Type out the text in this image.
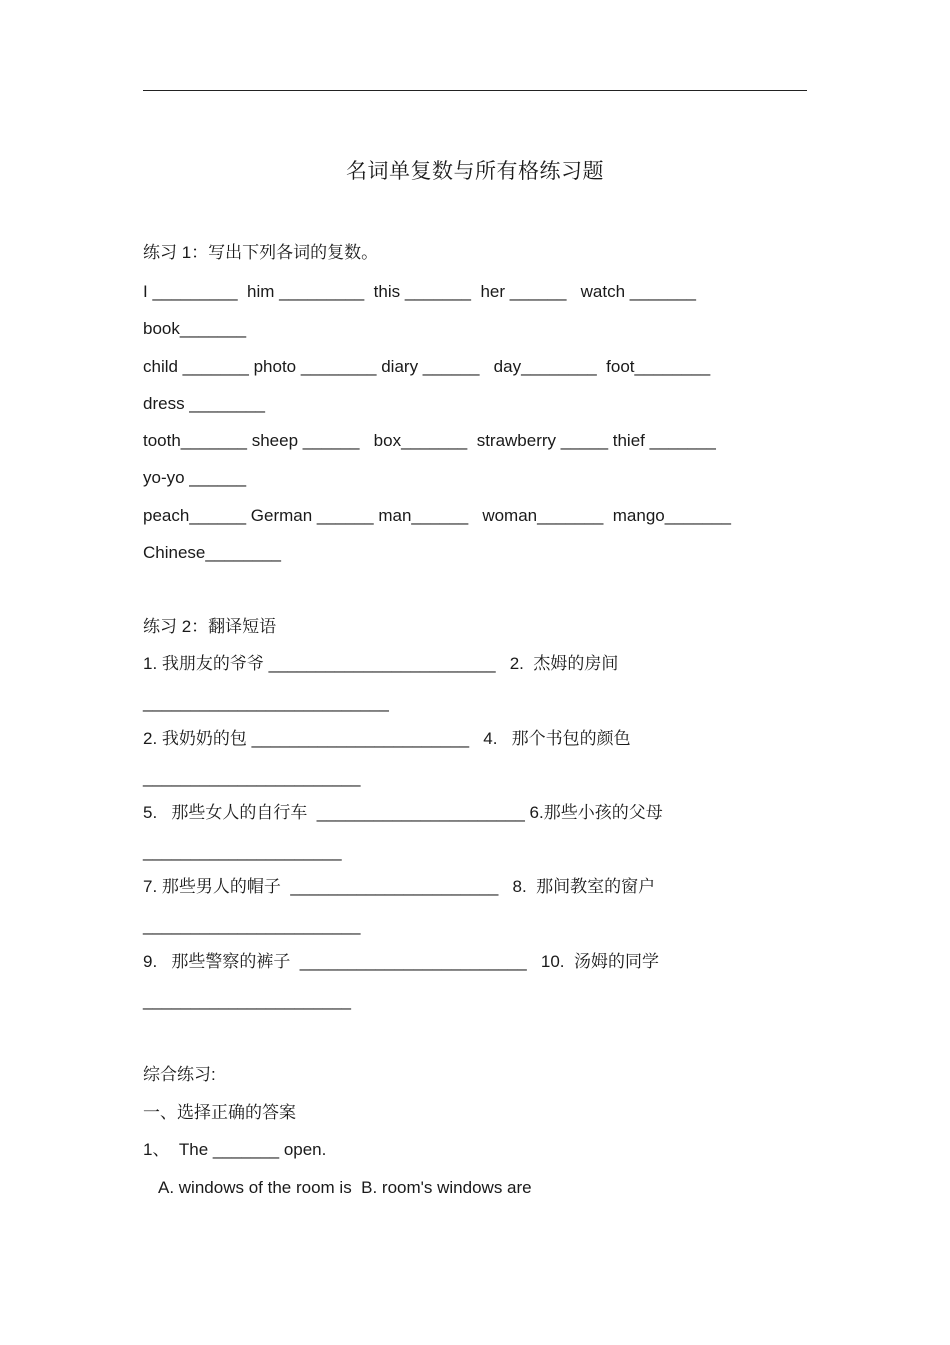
名词单复数与所有格练习题
练习 1：写出下列各词的复数。
I _________  him _________  this _______  her ______   watch _______
book_______
child _______ photo ________ diary ______   day________  foot________
dress ________
tooth_______ sheep ______   box_______  strawberry _____ thief _______
yo-yo ______
peach______ German ______ man______   woman_______  mango_______
Chinese________
练习 2：翻译短语
1. 我朋友的爷爷 ________________________   2.  杰姆的房间
__________________________
2. 我奶奶的包 _______________________   4.   那个书包的颜色
_______________________
5.   那些女人的自行车  ______________________ 6.那些小孩的父母
_____________________
7. 那些男人的帽子  ______________________   8.  那间教室的窗户
_______________________
9.   那些警察的裤子  ________________________   10.  汤姆的同学
______________________
综合练习:
一、选择正确的答案
1、  The _______ open.
A. windows of the room is  B. room's windows are
